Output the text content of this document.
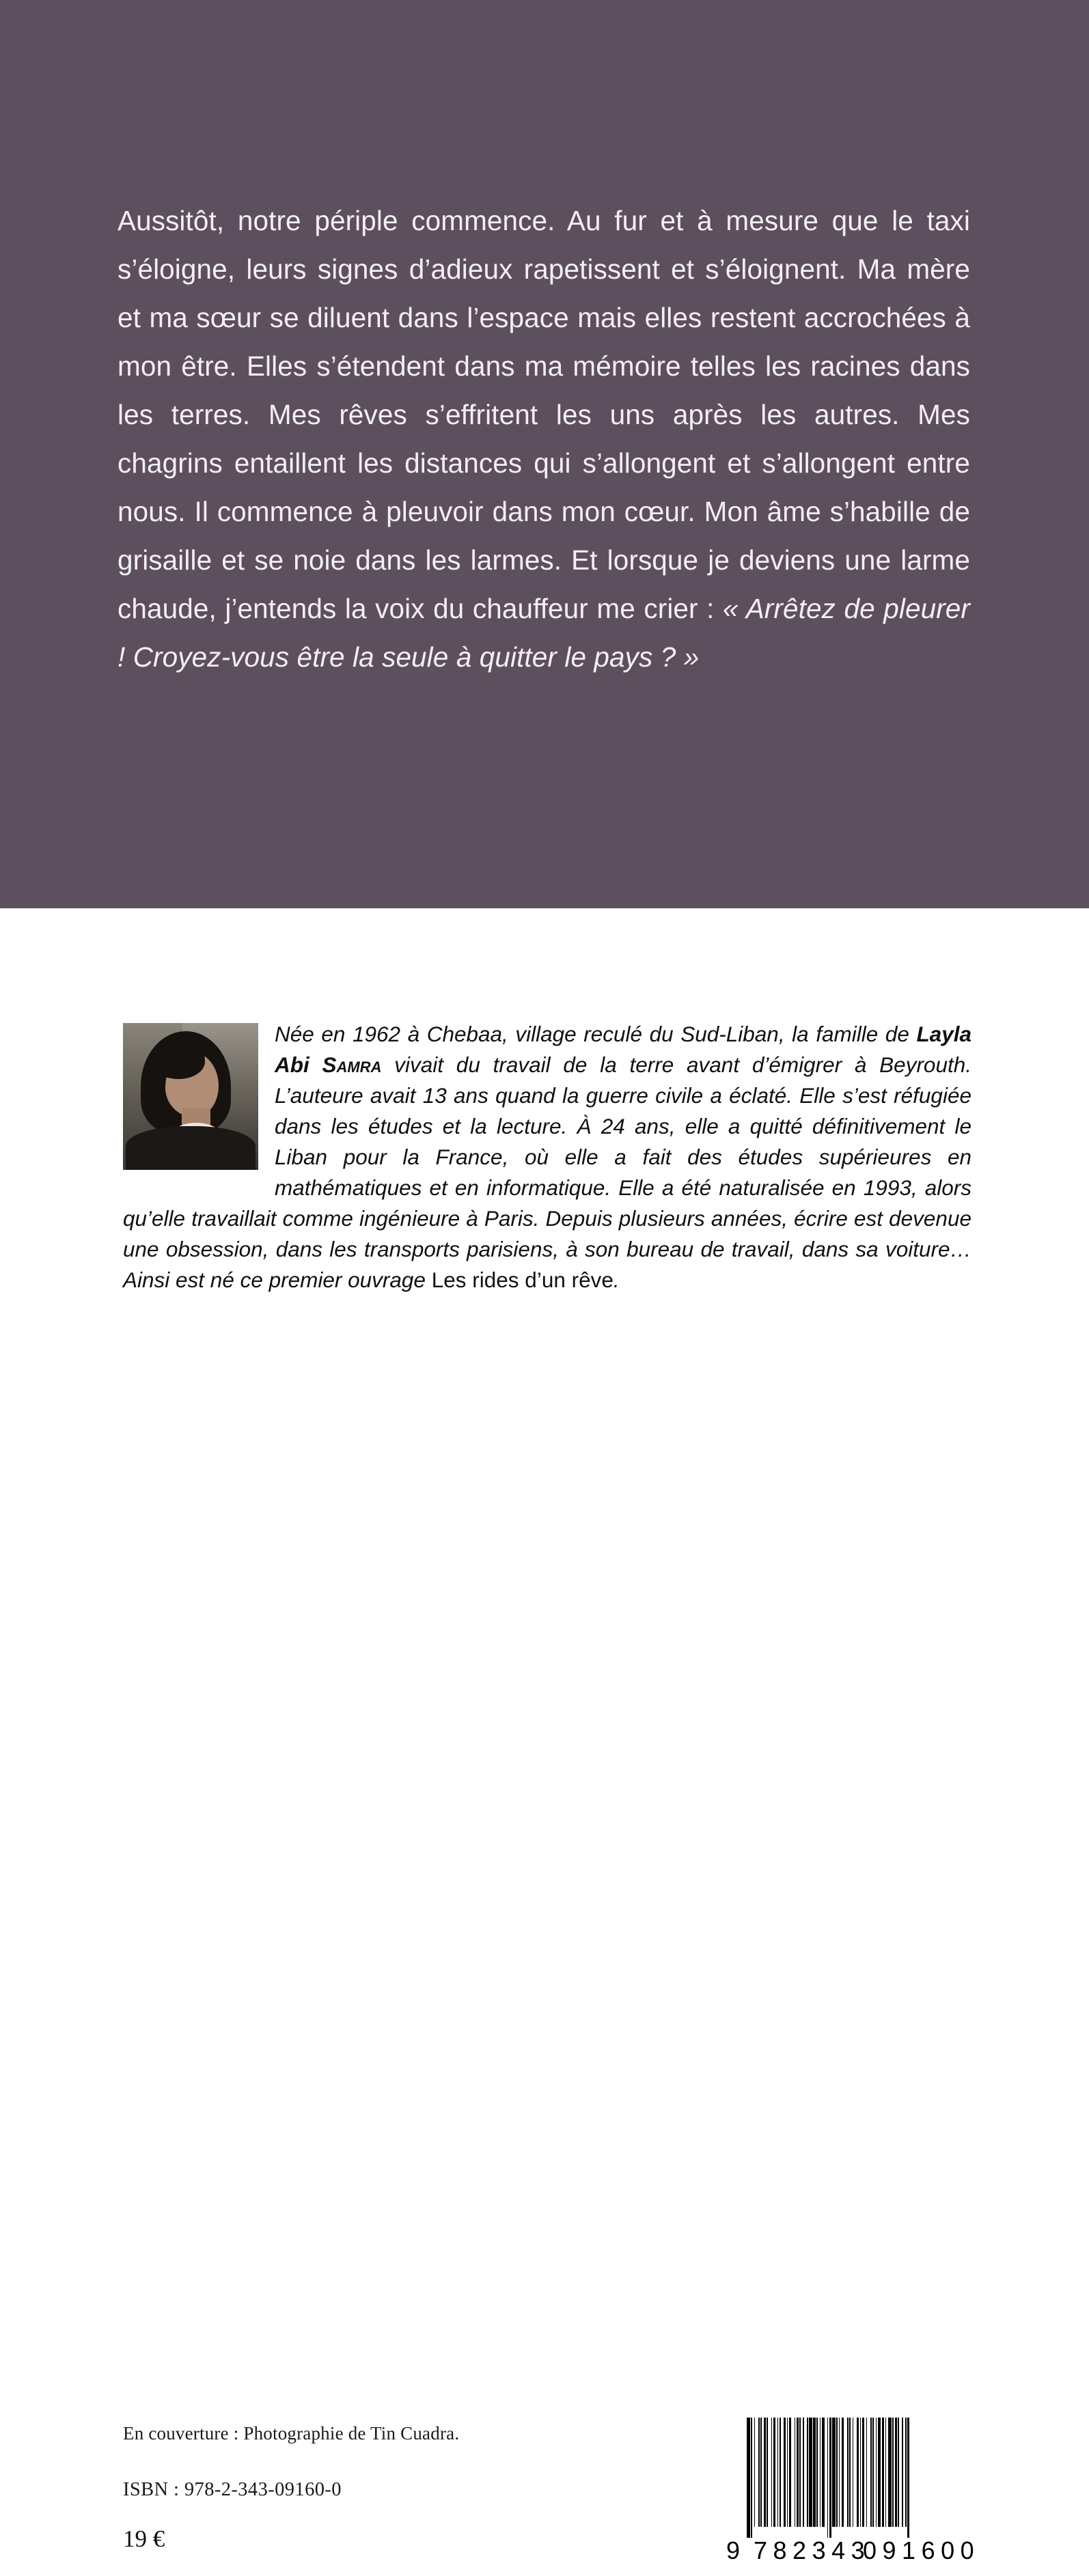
Aussitôt, notre périple commence. Au fur et à mesure que le taxi s’éloigne, leurs signes d’adieux rapetissent et s’éloignent. Ma mère et ma sœur se diluent dans l’espace mais elles restent accrochées à mon être. Elles s’étendent dans ma mémoire telles les racines dans les terres. Mes rêves s’effritent les uns après les autres. Mes chagrins entaillent les distances qui s’allongent et s’allongent entre nous. Il commence à pleuvoir dans mon cœur. Mon âme s’habille de grisaille et se noie dans les larmes. Et lorsque je deviens une larme chaude, j’entends la voix du chauffeur me crier : « Arrêtez de pleurer ! Croyez-vous être la seule à quitter le pays ? »
Née en 1962 à Chebaa, village reculé du Sud-Liban, la famille de Layla Abi Samra vivait du travail de la terre avant d’émigrer à Beyrouth. L’auteure avait 13 ans quand la guerre civile a éclaté. Elle s’est réfugiée dans les études et la lecture. À 24 ans, elle a quitté définitivement le Liban pour la France, où elle a fait des études supérieures en mathématiques et en informatique. Elle a été naturalisée en 1993, alors qu’elle travaillait comme ingénieure à Paris. Depuis plusieurs années, écrire est devenue une obsession, dans les transports parisiens, à son bureau de travail, dans sa voiture… Ainsi est né ce premier ouvrage Les rides d’un rêve.
En couverture : Photographie de Tin Cuadra.
ISBN : 978-2-343-09160-0
19 €	9 782343
091600
